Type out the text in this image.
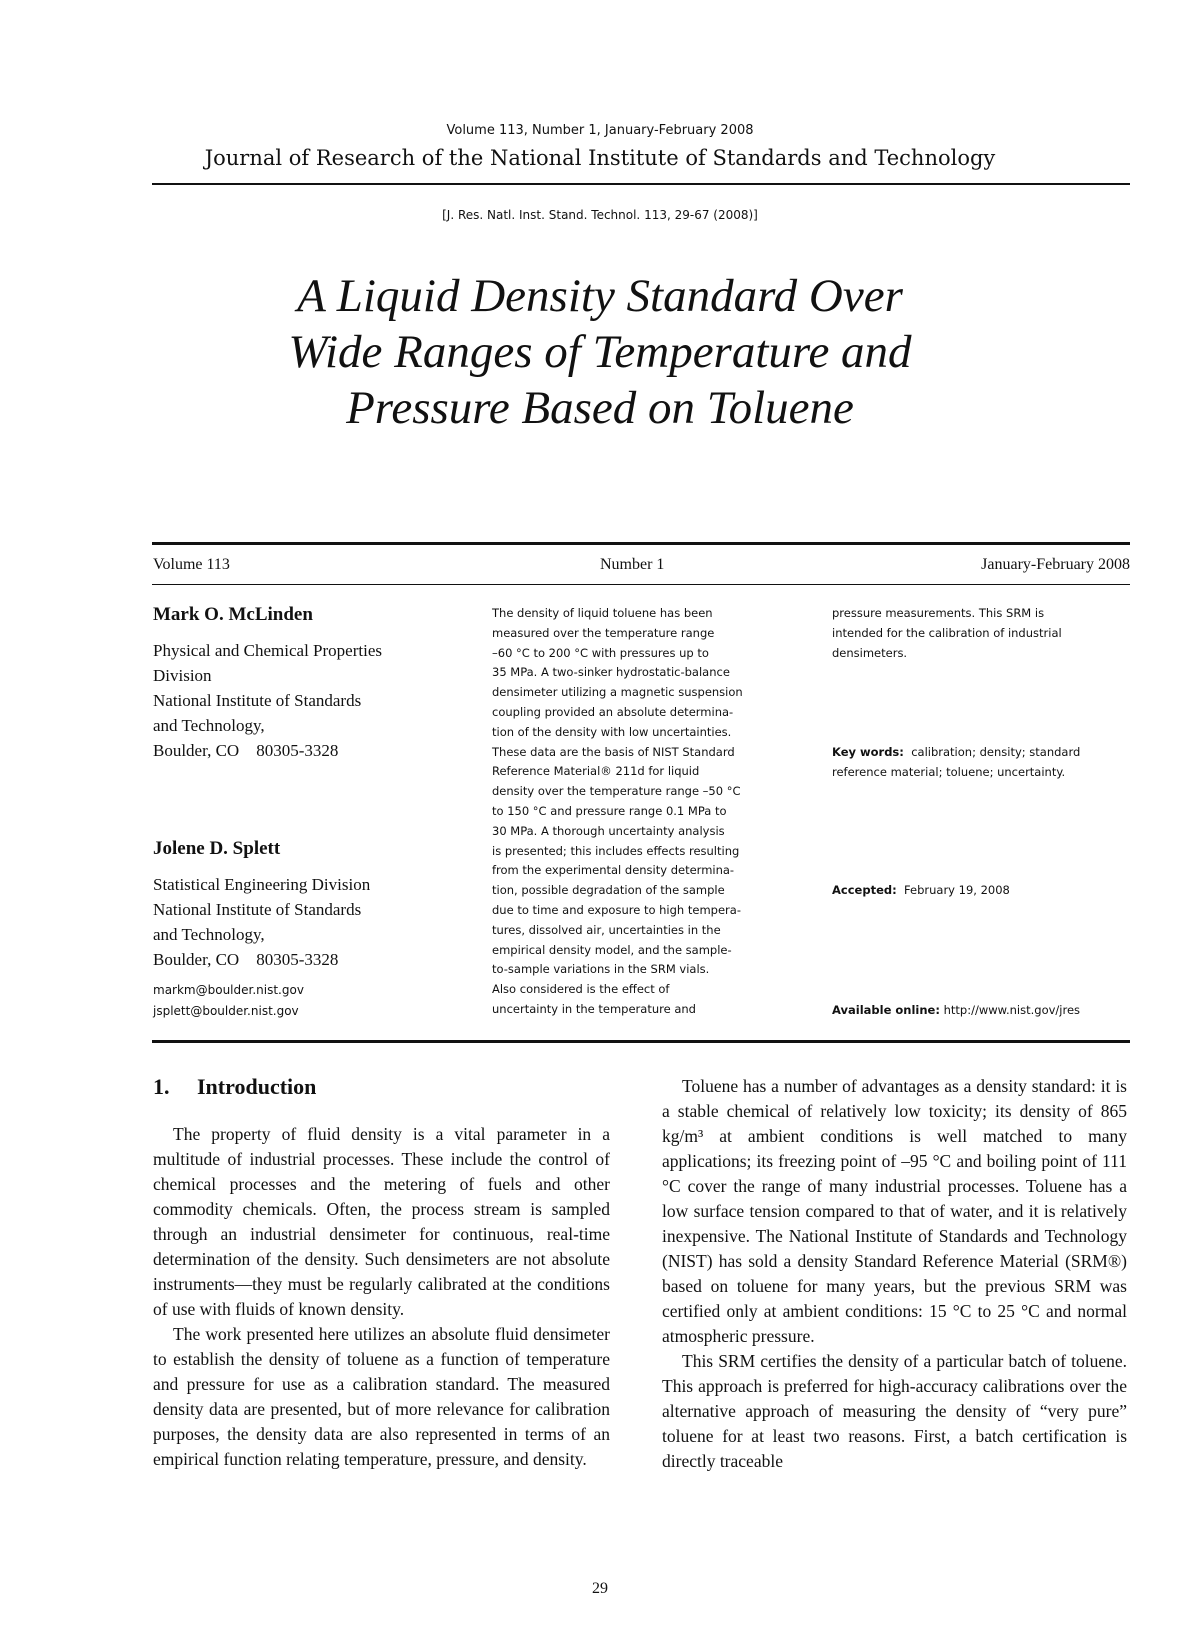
Volume 113, Number 1, January-February 2008
Journal of Research of the National Institute of Standards and Technology
[J. Res. Natl. Inst. Stand. Technol. 113, 29-67 (2008)]
A Liquid Density Standard Over
Wide Ranges of Temperature and
Pressure Based on Toluene
Volume 113	Number 1	January-February 2008
Mark O. McLinden
Physical and Chemical Properties
Division
National Institute of Standards
and Technology,
Boulder, CO    80305-3328
Jolene D. Splett
Statistical Engineering Division
National Institute of Standards
and Technology,
Boulder, CO    80305-3328
markm@boulder.nist.gov
jsplett@boulder.nist.gov
The density of liquid toluene has been
measured over the temperature range
–60 °C to 200 °C with pressures up to
35 MPa. A two-sinker hydrostatic-balance
densimeter utilizing a magnetic suspension
coupling provided an absolute determina-
tion of the density with low uncertainties.
These data are the basis of NIST Standard
Reference Material® 211d for liquid
density over the temperature range –50 °C
to 150 °C and pressure range 0.1 MPa to
30 MPa. A thorough uncertainty analysis
is presented; this includes effects resulting
from the experimental density determina-
tion, possible degradation of the sample
due to time and exposure to high tempera-
tures, dissolved air, uncertainties in the
empirical density model, and the sample-
to-sample variations in the SRM vials.
Also considered is the effect of
uncertainty in the temperature and
pressure measurements. This SRM is
intended for the calibration of industrial
densimeters.
Key words: calibration; density; standard
reference material; toluene; uncertainty.
Accepted: February 19, 2008
Available online: http://www.nist.gov/jres
1. Introduction

The property of fluid density is a vital parameter in a multitude of industrial processes. These include the control of chemical processes and the metering of fuels and other commodity chemicals. Often, the process stream is sampled through an industrial densimeter for continuous, real-time determination of the density. Such densimeters are not absolute instruments—they must be regularly calibrated at the conditions of use with fluids of known density.

The work presented here utilizes an absolute fluid densimeter to establish the density of toluene as a function of temperature and pressure for use as a calibration standard. The measured density data are presented, but of more relevance for calibration purposes, the density data are also represented in terms of an empirical function relating temperature, pressure, and density.

Toluene has a number of advantages as a density standard: it is a stable chemical of relatively low toxicity; its density of 865 kg/m³ at ambient conditions is well matched to many applications; its freezing point of –95 °C and boiling point of 111 °C cover the range of many industrial processes. Toluene has a low surface tension compared to that of water, and it is relatively inexpensive. The National Institute of Standards and Technology (NIST) has sold a density Standard Reference Material (SRM®) based on toluene for many years, but the previous SRM was certified only at ambient conditions: 15 °C to 25 °C and normal atmospheric pressure.

This SRM certifies the density of a particular batch of toluene. This approach is preferred for high-accuracy calibrations over the alternative approach of measuring the density of “very pure” toluene for at least two reasons. First, a batch certification is directly traceable

29
